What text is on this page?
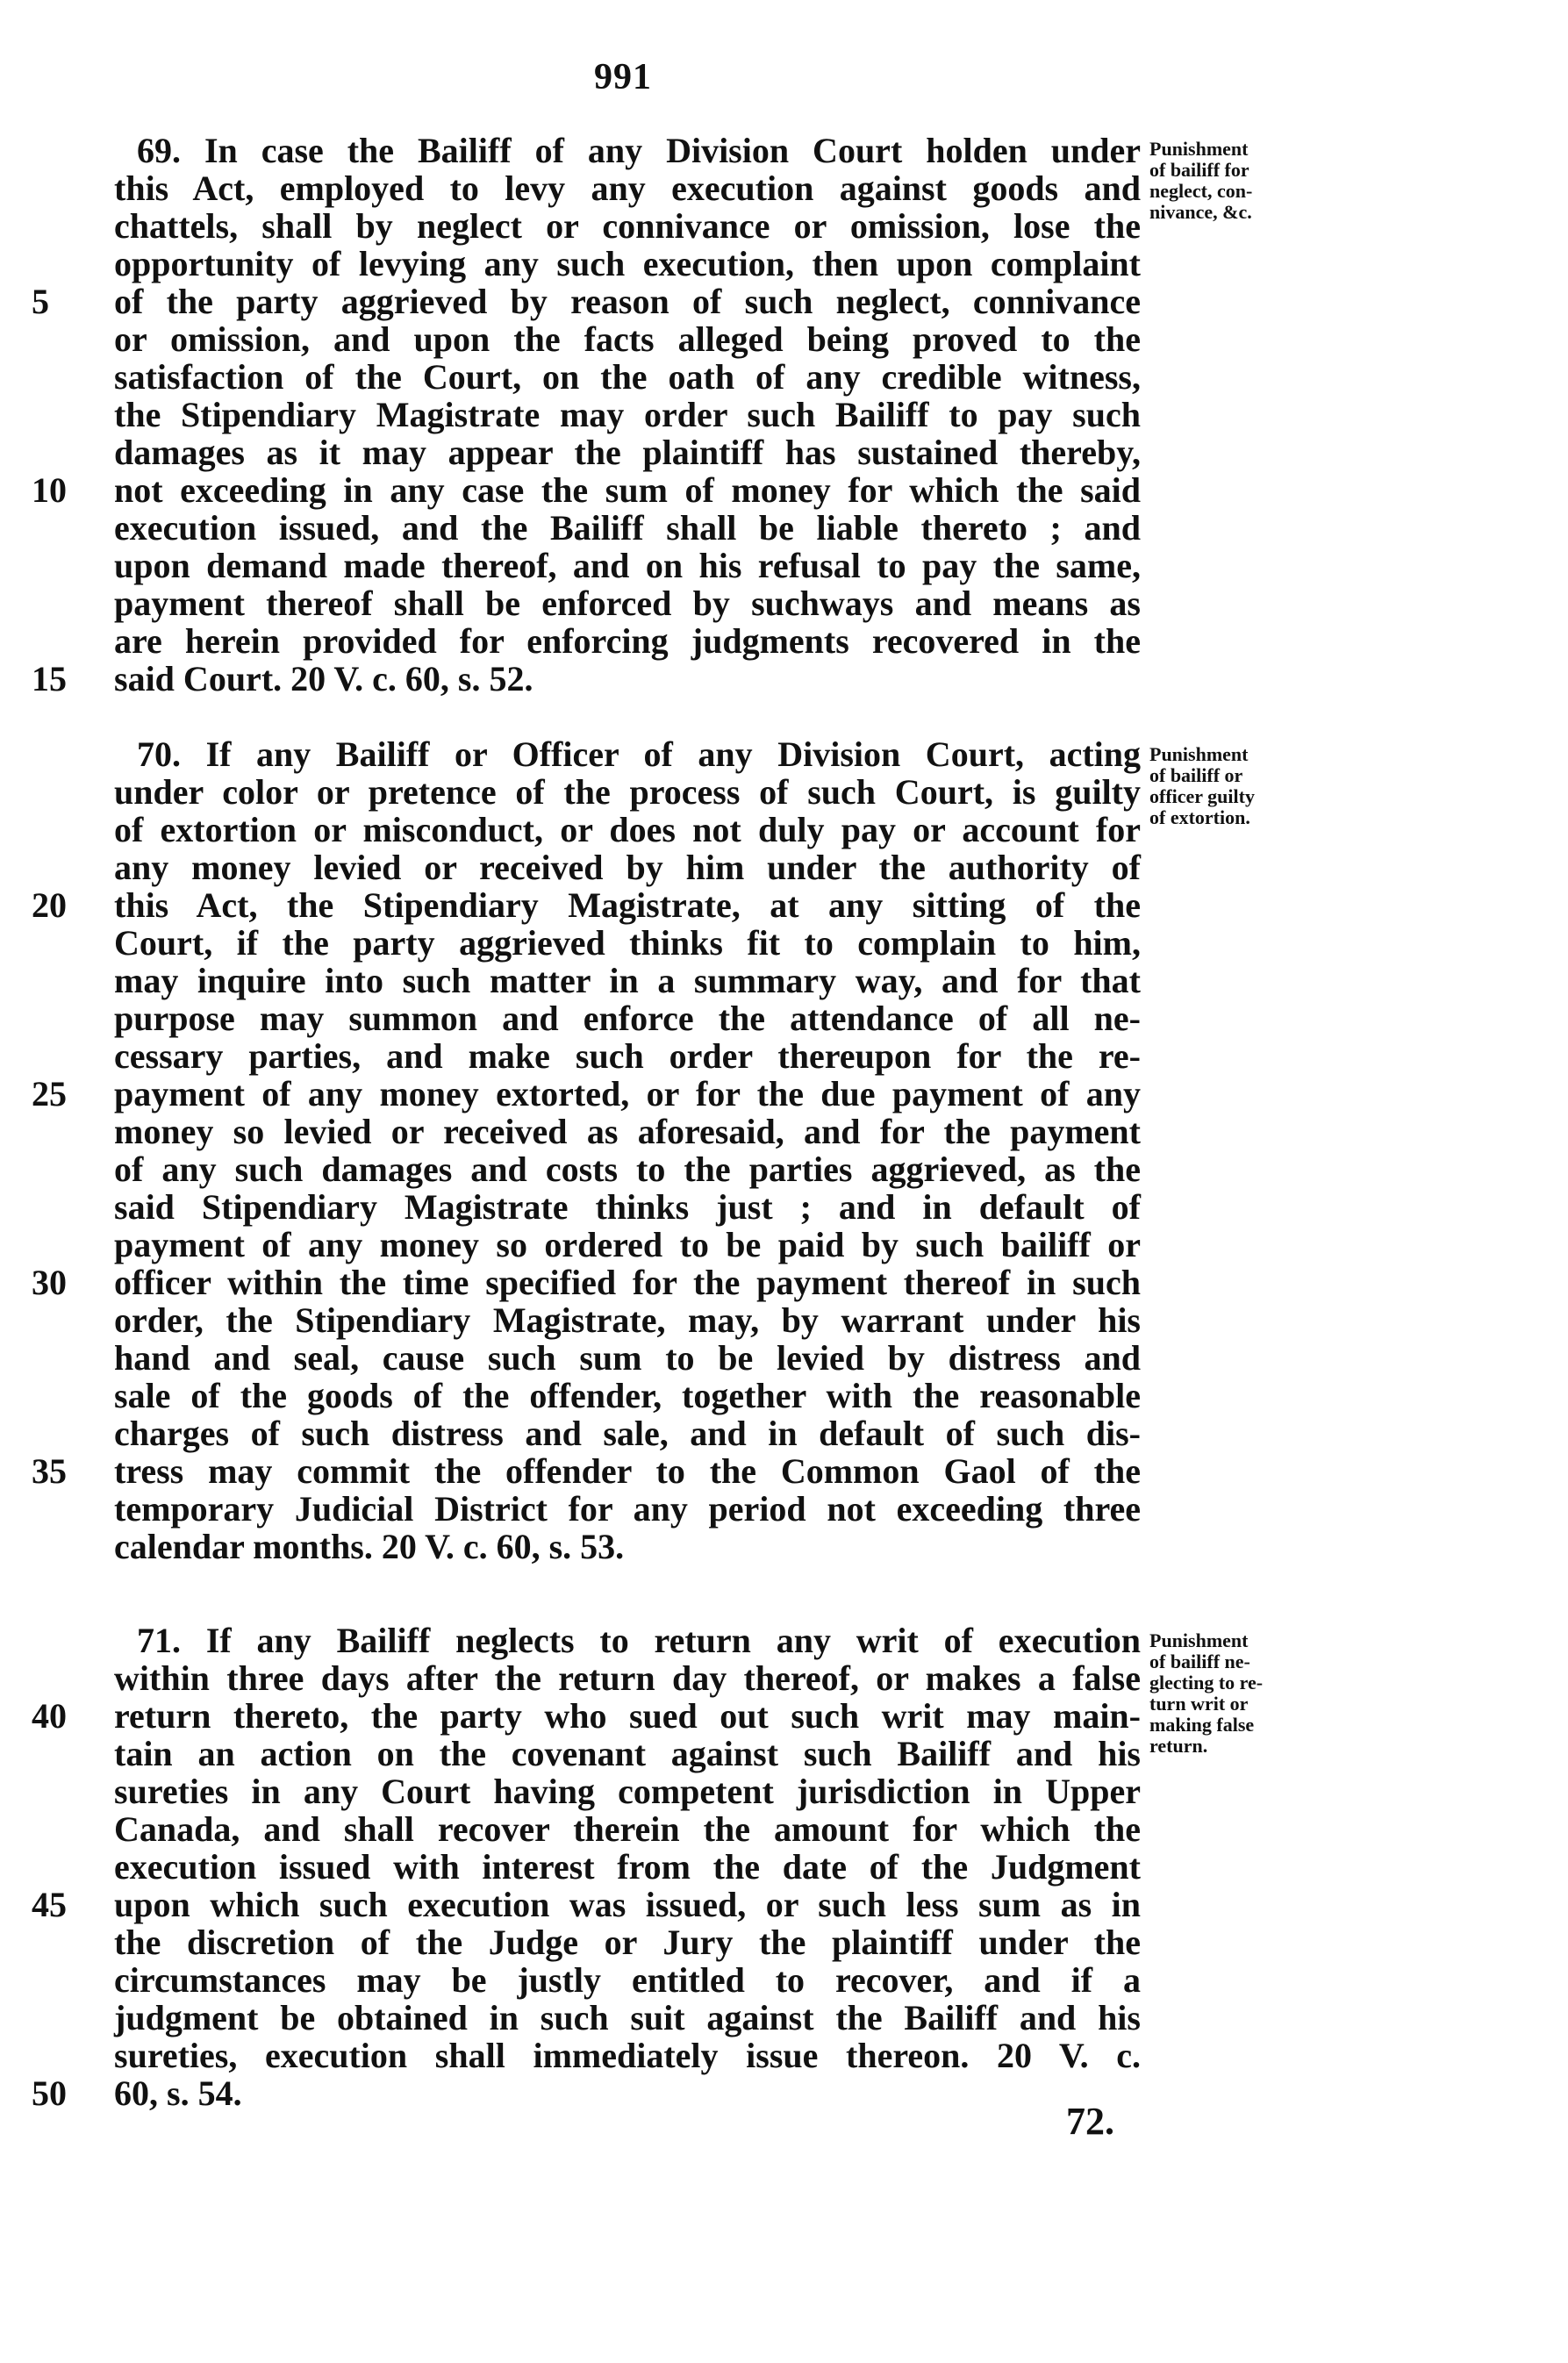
991
69. In case the Bailiff of any Division Court holden under
this Act, employed to levy any execution against goods and
chattels, shall by neglect or connivance or omission, lose the
opportunity of levying any such execution, then upon complaint
5	of the party aggrieved by reason of such neglect, connivance
or omission, and upon the facts alleged being proved to the
satisfaction of the Court, on the oath of any credible witness,
the Stipendiary Magistrate may order such Bailiff to pay such
damages as it may appear the plaintiff has sustained thereby,
10	not exceeding in any case the sum of money for which the said
execution issued, and the Bailiff shall be liable thereto ; and
upon demand made thereof, and on his refusal to pay the same,
payment thereof shall be enforced by suchways and means as
are herein provided for enforcing judgments recovered in the
15	said Court. 20 V. c. 60, s. 52.
Punishment
of bailiff for
neglect, con-
nivance, &c.
70. If any Bailiff or Officer of any Division Court, acting
under color or pretence of the process of such Court, is guilty
of extortion or misconduct, or does not duly pay or account for
any money levied or received by him under the authority of
20	this Act, the Stipendiary Magistrate, at any sitting of the
Court, if the party aggrieved thinks fit to complain to him,
may inquire into such matter in a summary way, and for that
purpose may summon and enforce the attendance of all ne-
cessary parties, and make such order thereupon for the re-
25	payment of any money extorted, or for the due payment of any
money so levied or received as aforesaid, and for the payment
of any such damages and costs to the parties aggrieved, as the
said Stipendiary Magistrate thinks just ; and in default of
payment of any money so ordered to be paid by such bailiff or
30	officer within the time specified for the payment thereof in such
order, the Stipendiary Magistrate, may, by warrant under his
hand and seal, cause such sum to be levied by distress and
sale of the goods of the offender, together with the reasonable
charges of such distress and sale, and in default of such dis-
35	tress may commit the offender to the Common Gaol of the
temporary Judicial District for any period not exceeding three
calendar months. 20 V. c. 60, s. 53.
Punishment
of bailiff or
officer guilty
of extortion.
71. If any Bailiff neglects to return any writ of execution
within three days after the return day thereof, or makes a false
40	return thereto, the party who sued out such writ may main-
tain an action on the covenant against such Bailiff and his
sureties in any Court having competent jurisdiction in Upper
Canada, and shall recover therein the amount for which the
execution issued with interest from the date of the Judgment
45	upon which such execution was issued, or such less sum as in
the discretion of the Judge or Jury the plaintiff under the
circumstances may be justly entitled to recover, and if a
judgment be obtained in such suit against the Bailiff and his
sureties, execution shall immediately issue thereon. 20 V. c.
50	60, s. 54.
Punishment
of bailiff ne-
glecting to re-
turn writ or
making false
return.
72.
